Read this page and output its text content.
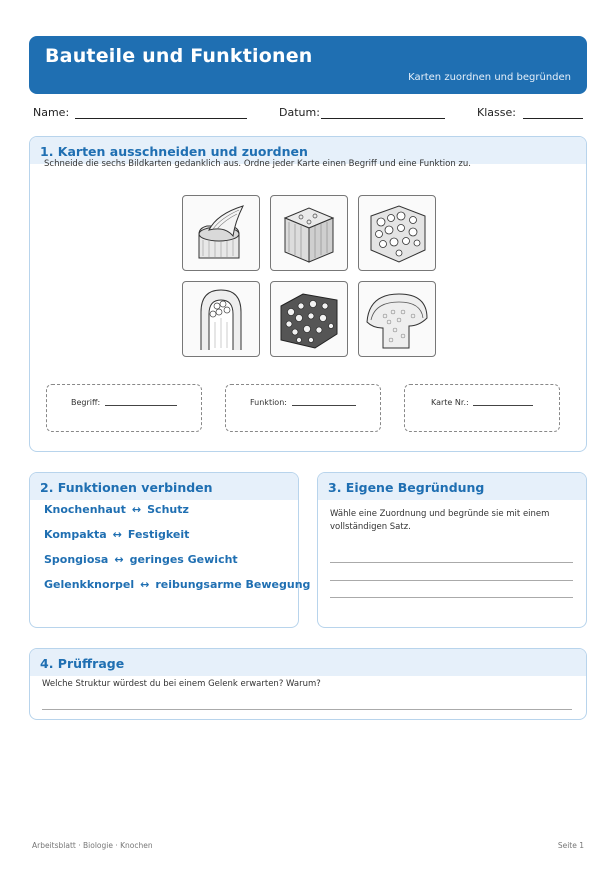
Bauteile und Funktionen
Karten zuordnen und begründen
Name:	Datum:	Klasse:
1. Karten ausschneiden und zuordnen
Schneide die sechs Bildkarten gedanklich aus. Ordne jeder Karte einen Begriff und eine Funktion zu.
Begriff:	Funktion:	Karte Nr.:
2. Funktionen verbinden
Knochenhaut ↔ Schutz
Kompakta ↔ Festigkeit
Spongiosa ↔ geringes Gewicht
Gelenkknorpel ↔ reibungsarme Bewegung
3. Eigene Begründung
Wähle eine Zuordnung und begründe sie mit einem vollständigen Satz.
4. Prüffrage
Welche Struktur würdest du bei einem Gelenk erwarten? Warum?
Arbeitsblatt · Biologie · Knochen	Seite 1
